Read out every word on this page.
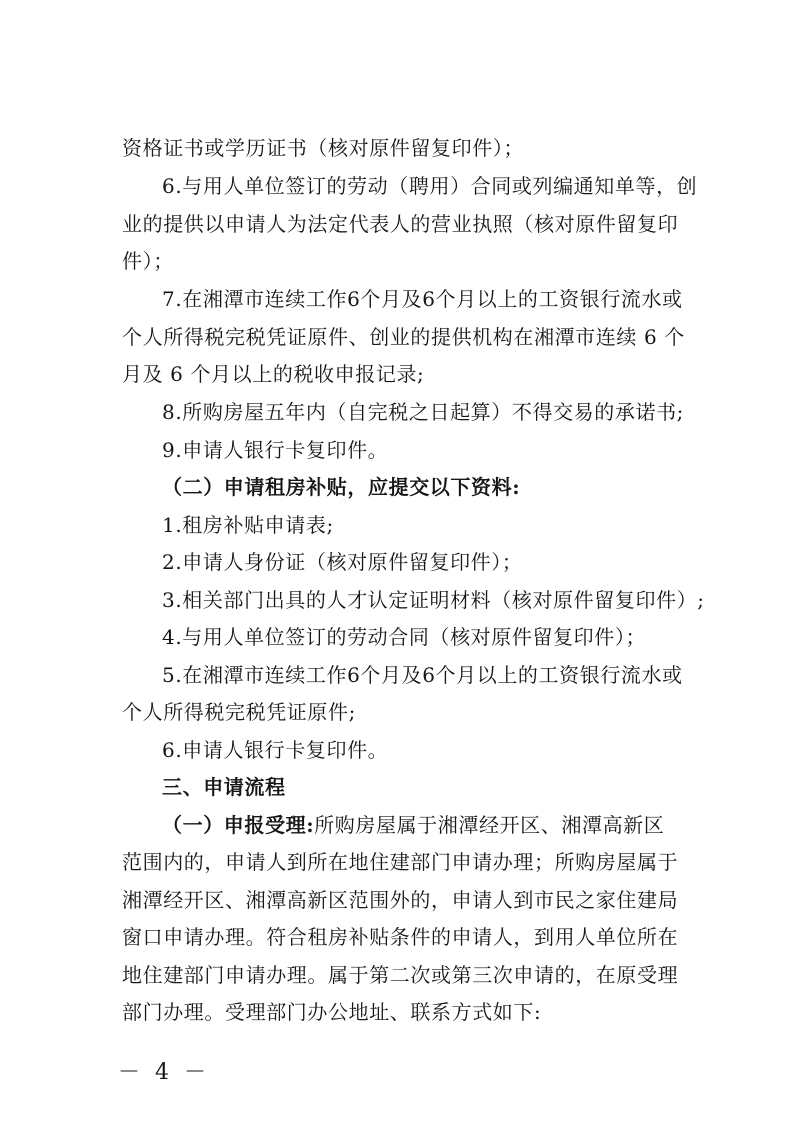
资格证书或学历证书（核对原件留复印件）；
6.与用人单位签订的劳动（聘用）合同或列编通知单等，创
业的提供以申请人为法定代表人的营业执照（核对原件留复印
件）；
7.在湘潭市连续工作6个月及6个月以上的工资银行流水或
个人所得税完税凭证原件、创业的提供机构在湘潭市连续 6 个
月及 6 个月以上的税收申报记录;
8.所购房屋五年内（自完税之日起算）不得交易的承诺书;
9.申请人银行卡复印件。
（二）申请租房补贴，应提交以下资料:
1.租房补贴申请表;
2.申请人身份证（核对原件留复印件）；
3.相关部门出具的人才认定证明材料（核对原件留复印件）;
4.与用人单位签订的劳动合同（核对原件留复印件）；
5.在湘潭市连续工作6个月及6个月以上的工资银行流水或
个人所得税完税凭证原件;
6.申请人银行卡复印件。
三、申请流程
（一）申报受理:所购房屋属于湘潭经开区、湘潭高新区
范围内的，申请人到所在地住建部门申请办理；所购房屋属于
湘潭经开区、湘潭高新区范围外的，申请人到市民之家住建局
窗口申请办理。符合租房补贴条件的申请人，到用人单位所在
地住建部门申请办理。属于第二次或第三次申请的，在原受理
部门办理。受理部门办公地址、联系方式如下:
－ 4 －
